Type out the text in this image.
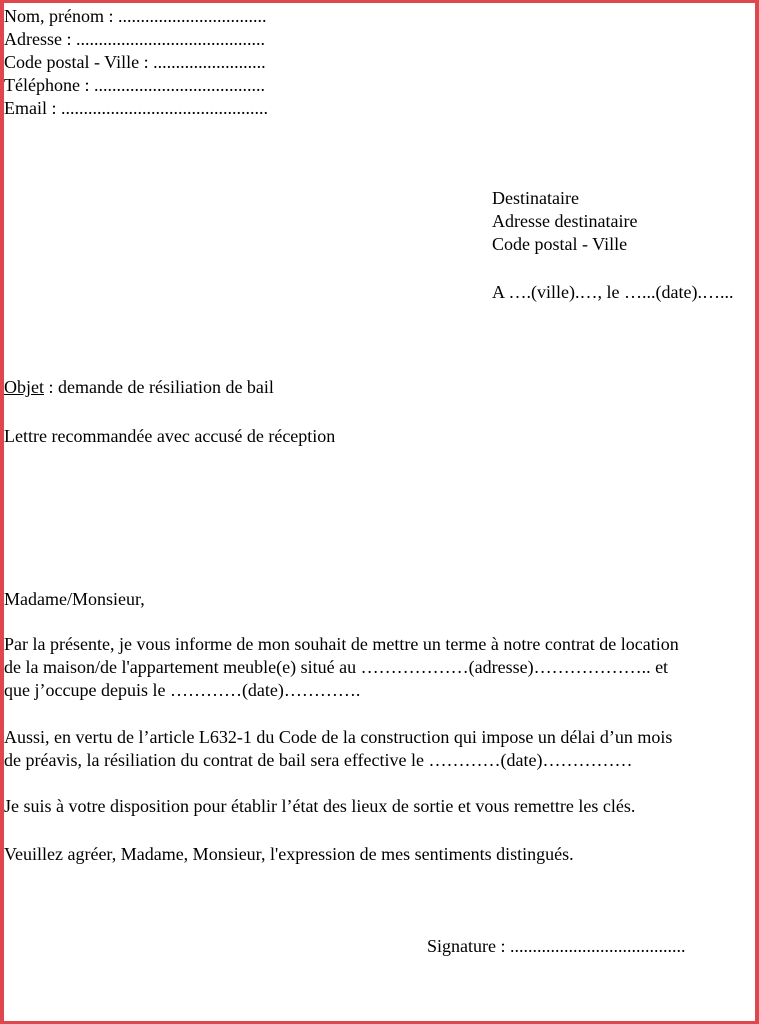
Nom, prénom : .................................
Adresse : ..........................................
Code postal - Ville : .........................
Téléphone : ......................................
Email : ..............................................
Destinataire
Adresse destinataire
Code postal - Ville
A ….(ville).…, le …...(date).…...
Objet : demande de résiliation de bail
Lettre recommandée avec accusé de réception
Madame/Monsieur,
Par la présente, je vous informe de mon souhait de mettre un terme à notre contrat de location
de la maison/de l'appartement meuble(e) situé au ………………(adresse)……………….. et
que j’occupe depuis le …………(date)………….
Aussi, en vertu de l’article L632-1 du Code de la construction qui impose un délai d’un mois
de préavis, la résiliation du contrat de bail sera effective le …………(date)……………
Je suis à votre disposition pour établir l’état des lieux de sortie et vous remettre les clés.
Veuillez agréer, Madame, Monsieur, l'expression de mes sentiments distingués.
Signature : .......................................
